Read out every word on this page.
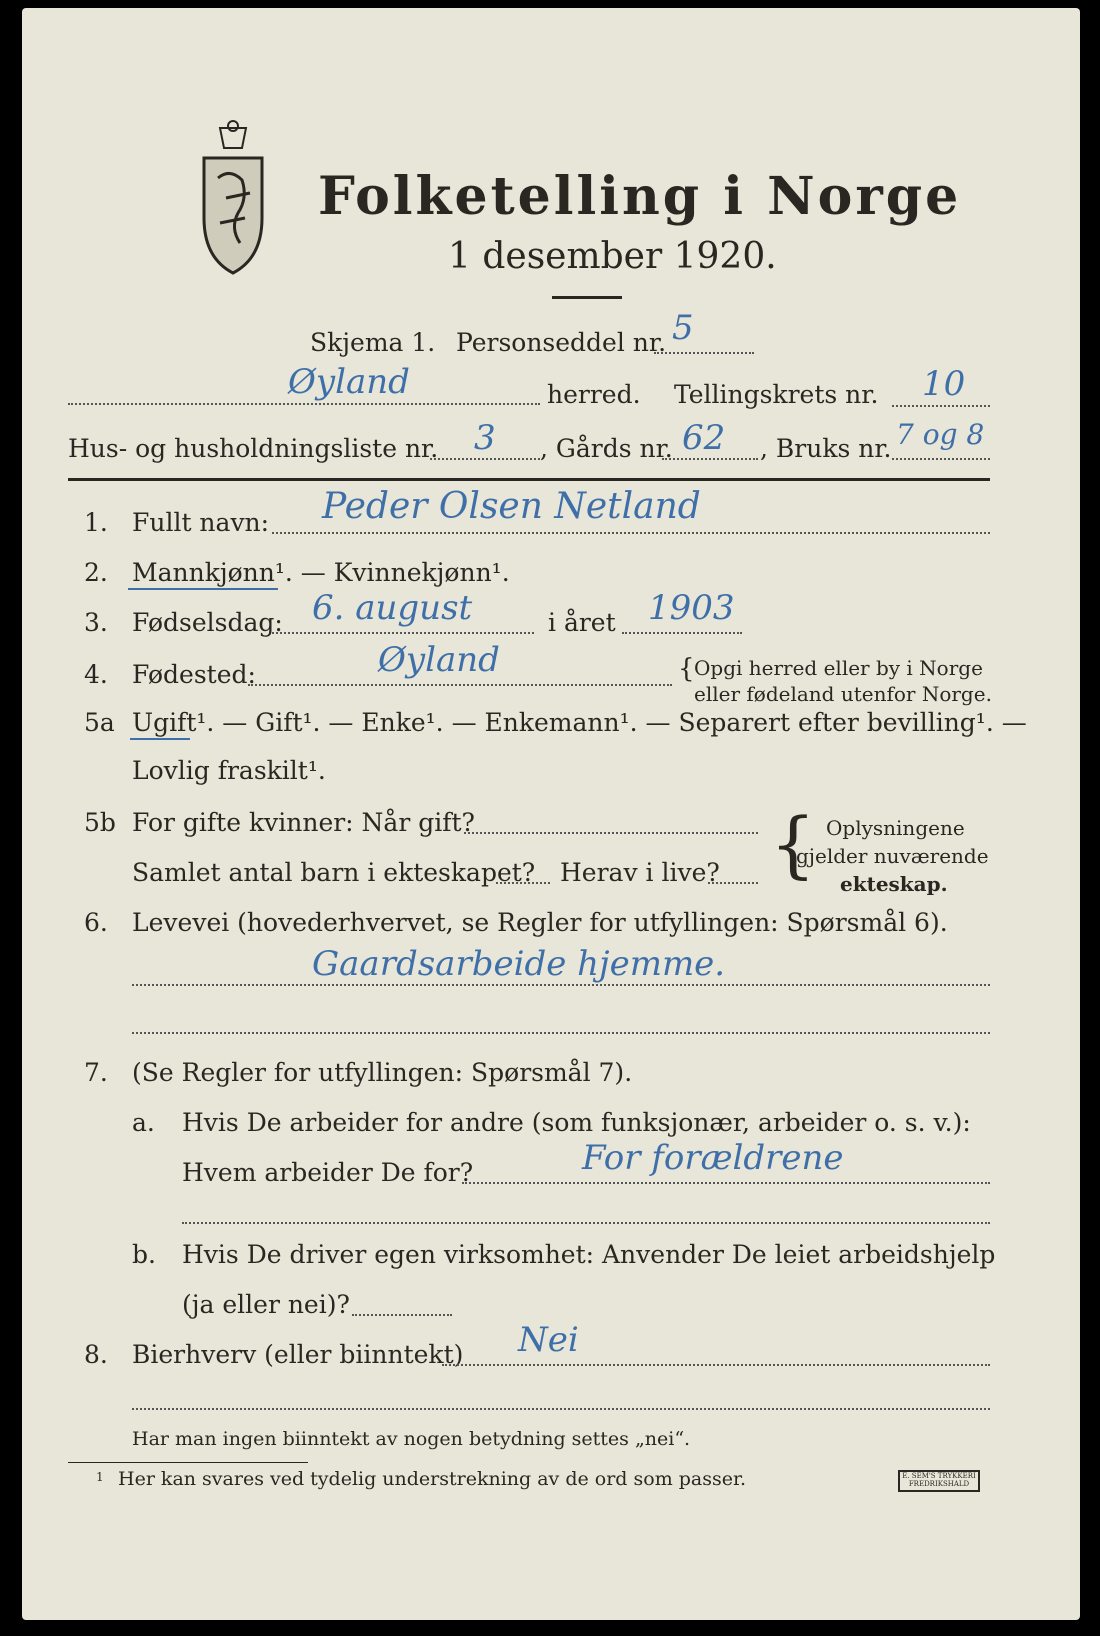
Folketelling i Norge
1 desember 1920.
Skjema 1. Personseddel nr. 5
Øyland	herred. Tellingskrets nr. 10
Hus- og husholdningsliste nr. 3 , Gårds nr. 62 , Bruks nr. 7 og 8
1. Fullt navn: Peder Olsen Netland
2. Mannkjønn¹. — Kvinnekjønn¹.
3. Fødselsdag: 6. august	i året 1903
4. Fødested:	Øyland	{ Opgi herred eller by i Norge
eller fødeland utenfor Norge.
5a Ugift¹. — Gift¹. — Enke¹. — Enkemann¹. — Separert efter bevilling¹. —
Lovlig fraskilt¹.
5b For gifte kvinner: Når gift?
Samlet antal barn i ekteskapet? Herav i live? { Oplysningene
gjelder nuværende
ekteskap.
6. Levevei (hovederhvervet, se Regler for utfyllingen: Spørsmål 6).
Gaardsarbeide hjemme.
7. (Se Regler for utfyllingen: Spørsmål 7).
a. Hvis De arbeider for andre (som funksjonær, arbeider o. s. v.):
Hvem arbeider De for?	For forældrene
b. Hvis De driver egen virksomhet: Anvender De leiet arbeidshjelp
(ja eller nei)?
8. Bierhverv (eller biinntekt) Nei
Har man ingen biinntekt av nogen betydning settes „nei“.
1 Her kan svares ved tydelig understrekning av de ord som passer.	E. SEM'S TRYKKERI
FREDRIKSHALD
